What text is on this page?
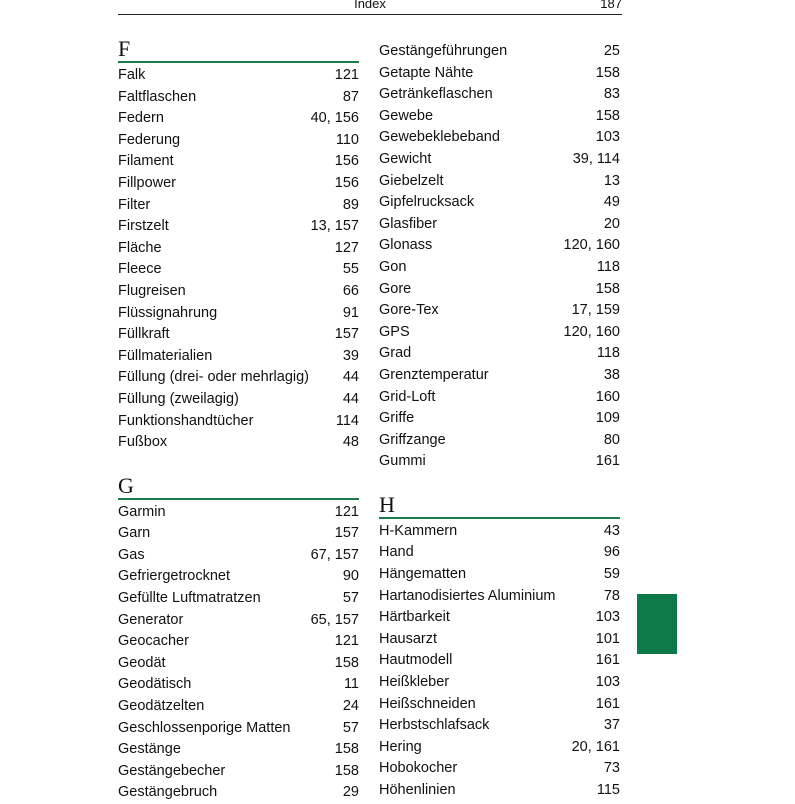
Index	187
F
Falk	121
Faltflaschen	87
Federn	40, 156
Federung	110
Filament	156
Fillpower	156
Filter	89
Firstzelt	13, 157
Fläche	127
Fleece	55
Flugreisen	66
Flüssignahrung	91
Füllkraft	157
Füllmaterialien	39
Füllung (drei- oder mehrlagig) 44
Füllung (zweilagig)	44
Funktionshandtücher	114
Fußbox	48
G
Garmin	121
Garn	157
Gas	67, 157
Gefriergetrocknet	90
Gefüllte Luftmatratzen	57
Generator	65, 157
Geocacher	121
Geodät	158
Geodätisch	11
Geodätzelten	24
Geschlossenporige Matten	57
Gestänge	158
Gestängebecher	158
Gestängebruch	29
Gestängeführungen	25
Getapte Nähte	158
Getränkeflaschen	83
Gewebe	158
Gewebeklebeband	103
Gewicht	39, 114
Giebelzelt	13
Gipfelrucksack	49
Glasfiber	20
Glonass	120, 160
Gon	118
Gore	158
Gore-Tex	17, 159
GPS	120, 160
Grad	118
Grenztemperatur	38
Grid-Loft	160
Griffe	109
Griffzange	80
Gummi	161
H
H-Kammern	43
Hand	96
Hängematten	59
Hartanodisiertes Aluminium	78
Härtbarkeit	103
Hausarzt	101
Hautmodell	161
Heißkleber	103
Heißschneiden	161
Herbstschlafsack	37
Hering	20, 161
Hobokocher	73
Höhenlinien	115
